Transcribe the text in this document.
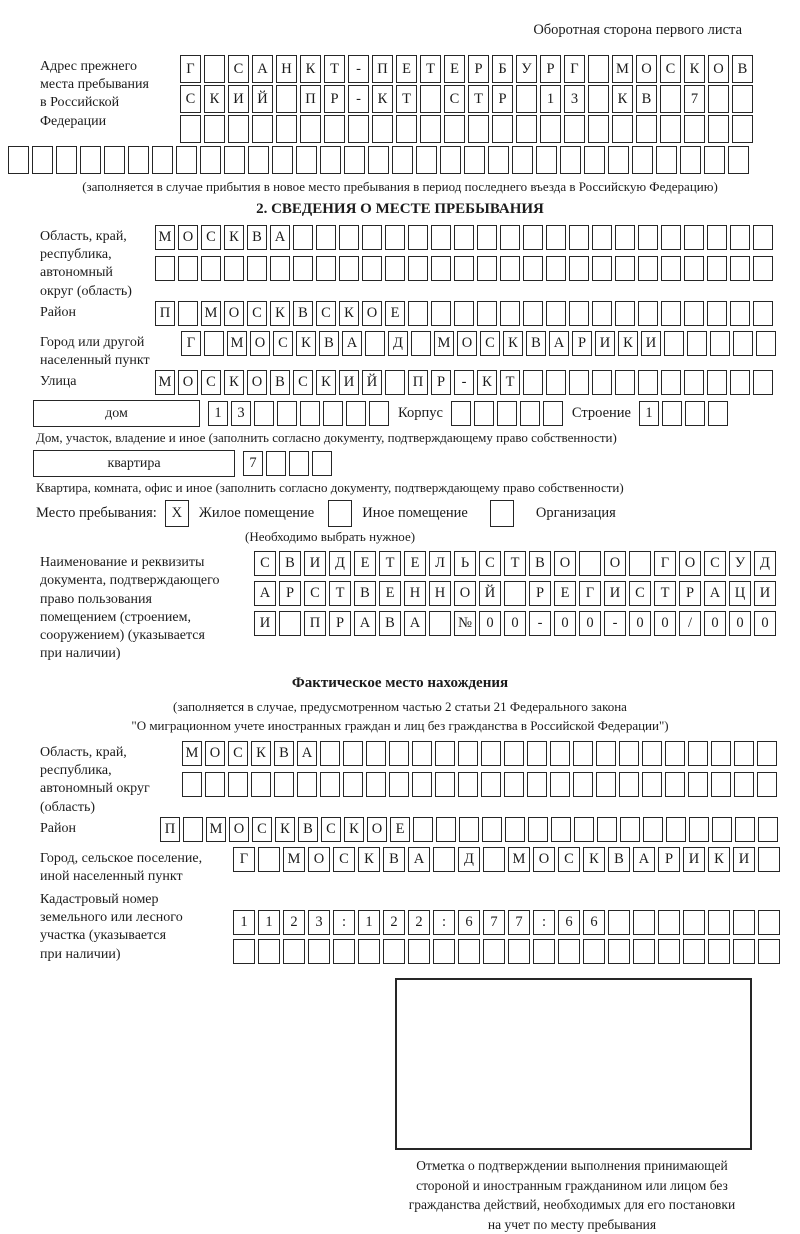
Оборотная сторона первого листа
Адрес прежнего
места пребывания
в Российской
Федерации
Г	С А Н К	Т	-	П Е	Т	Е	Р	Б	У	Р	Г	М О С К О В
С К И Й	П	Р	-	К	Т	С	Т	Р	1	3	К В	7
(заполняется в случае прибытия в новое место пребывания в период последнего въезда в Российскую Федерацию)
2. СВЕДЕНИЯ О МЕСТЕ ПРЕБЫВАНИЯ
Область, край,
республика,
автономный
округ (область)
М О С К В А
Район	П	М О С К В С К О Е
Город или другой
населенный пункт
Г	М О С К В А	Д	М О С К В А Р И К И
Улица	М О С К О В С К И Й	П Р	-	К Т
дом	1	3	Корпус	Строение 1
Дом, участок, владение и иное (заполнить согласно документу, подтверждающему право собственности)
квартира	7
Квартира, комната, офис и иное (заполнить согласно документу, подтверждающему право собственности)
Место пребывания:	X	Жилое помещение	Иное помещение	Организация
(Необходимо выбрать нужное)
Наименование и реквизиты
документа, подтверждающего
право пользования
помещением (строением,
сооружением) (указывается
при наличии)
С	В	И	Д	Е	Т	Е	Л	Ь	С	Т	В	О	О	Г	О	С	У	Д
А	Р	С	Т	В	Е	Н	Н	О	Й	Р	Е	Г	И	С	Т	Р	А	Ц	И
И	П	Р	А	В	А	№ 0	0	-	0	0	-	0	0	/	0	0	0
Фактическое место нахождения
(заполняется в случае, предусмотренном частью 2 статьи 21 Федерального закона
"О миграционном учете иностранных граждан и лиц без гражданства в Российской Федерации")
Область, край,
республика,
автономный округ
(область)
М О С К В А
Район	П	М О С К В С К О Е
Город, сельское поселение,
иной населенный пункт
Г	М О	С	К	В	А	Д	М О	С	К	В	А	Р	И	К	И
Кадастровый номер
земельного или лесного
участка (указывается
при наличии)
1	1	2	3	:	1	2	2	:	6	7	7	:	6	6
Отметка о подтверждении выполнения принимающей
стороной и иностранным гражданином или лицом без
гражданства действий, необходимых для его постановки
на учет по месту пребывания
